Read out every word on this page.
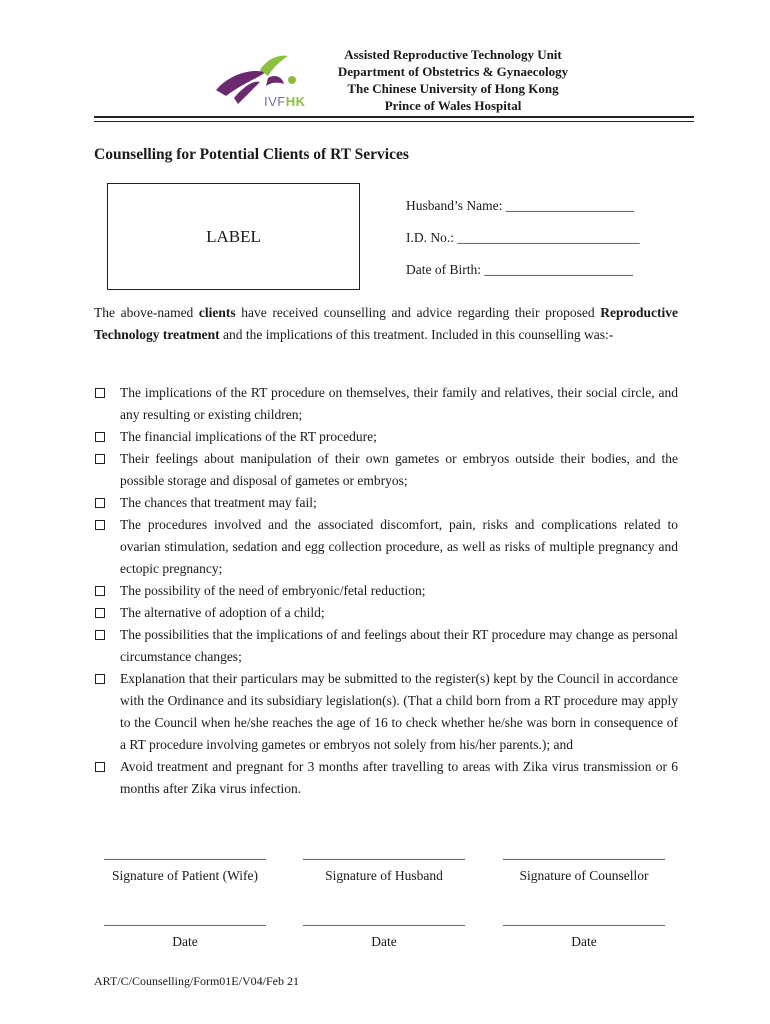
IVFHK
Assisted Reproductive Technology Unit
Department of Obstetrics & Gynaecology
The Chinese University of Hong Kong
Prince of Wales Hospital
Counselling for Potential Clients of RT Services
LABEL
Husband’s Name: ___________________
I.D. No.: ___________________________
Date of Birth: ______________________
The above-named clients have received counselling and advice regarding their proposed Reproductive Technology treatment and the implications of this treatment. Included in this counselling was:-
The implications of the RT procedure on themselves, their family and relatives, their social circle, and any resulting or existing children;
The financial implications of the RT procedure;
Their feelings about manipulation of their own gametes or embryos outside their bodies, and the possible storage and disposal of gametes or embryos;
The chances that treatment may fail;
The procedures involved and the associated discomfort, pain, risks and complications related to ovarian stimulation, sedation and egg collection procedure, as well as risks of multiple pregnancy and ectopic pregnancy;
The possibility of the need of embryonic/fetal reduction;
The alternative of adoption of a child;
The possibilities that the implications of and feelings about their RT procedure may change as personal circumstance changes;
Explanation that their particulars may be submitted to the register(s) kept by the Council in accordance with the Ordinance and its subsidiary legislation(s). (That a child born from a RT procedure may apply to the Council when he/she reaches the age of 16 to check whether he/she was born in consequence of a RT procedure involving gametes or embryos not solely from his/her parents.); and
Avoid treatment and pregnant for 3 months after travelling to areas with Zika virus transmission or 6 months after Zika virus infection.
________________________	________________________	________________________
Signature of Patient (Wife)	Signature of Husband	Signature of Counsellor
________________________	________________________	________________________
Date	Date	Date
ART/C/Counselling/Form01E/V04/Feb 21
